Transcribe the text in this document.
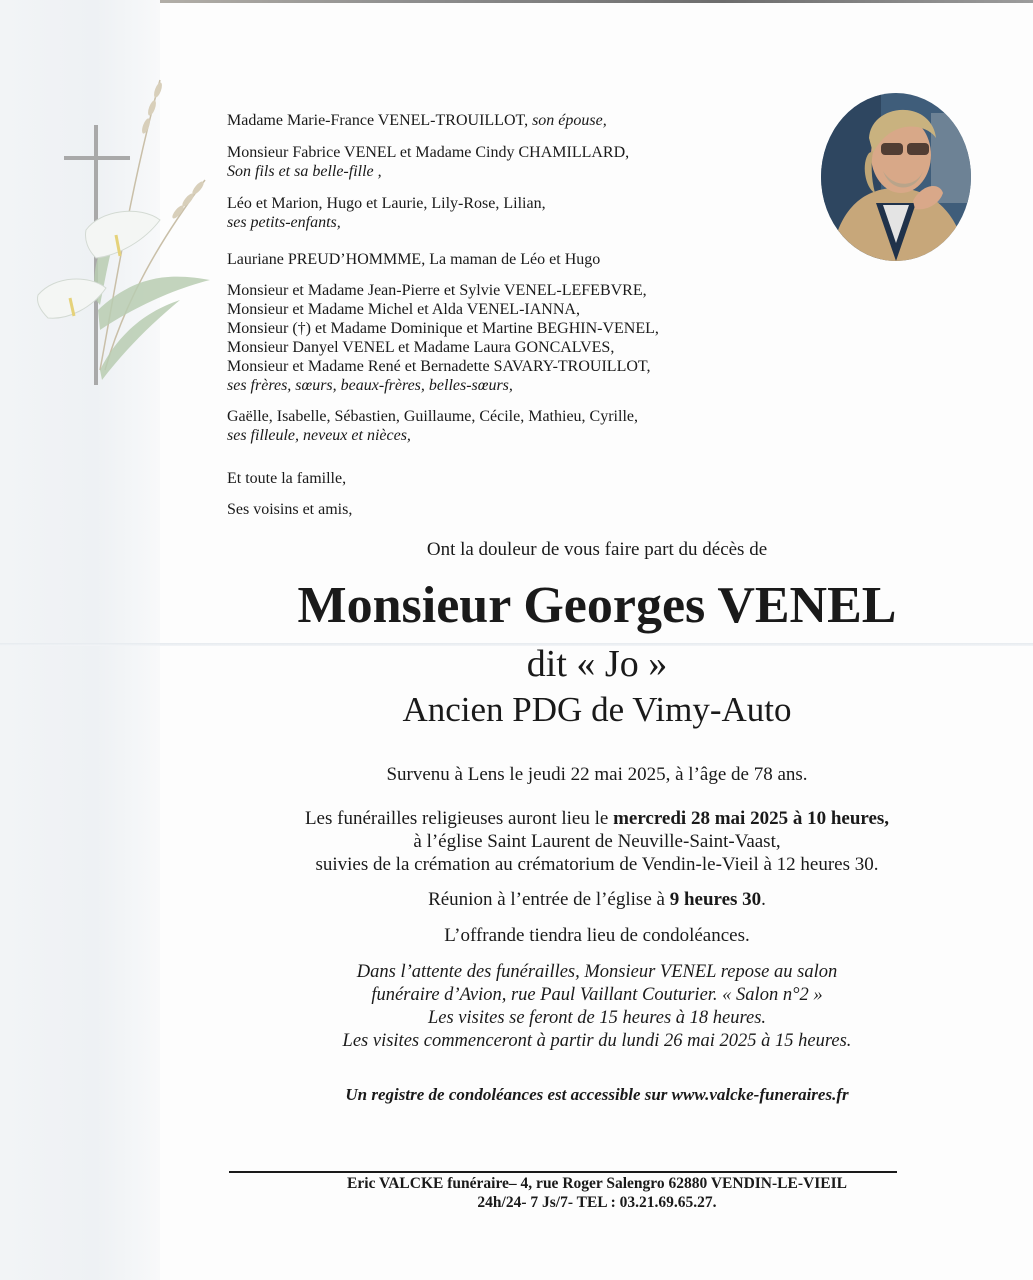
Madame Marie-France VENEL-TROUILLOT, son épouse,
Monsieur Fabrice VENEL et Madame Cindy CHAMILLARD,
Son fils et sa belle-fille ,
Léo et Marion, Hugo et Laurie, Lily-Rose, Lilian,
ses petits-enfants,
Lauriane PREUD’HOMMME, La maman de Léo et Hugo
Monsieur et Madame Jean-Pierre et Sylvie VENEL-LEFEBVRE,
Monsieur et Madame Michel et Alda VENEL-IANNA,
Monsieur (†) et Madame Dominique et Martine BEGHIN-VENEL,
Monsieur Danyel VENEL et Madame Laura GONCALVES,
Monsieur et Madame René et Bernadette SAVARY-TROUILLOT,
ses frères, sœurs, beaux-frères, belles-sœurs,
Gaëlle, Isabelle, Sébastien, Guillaume, Cécile, Mathieu, Cyrille,
ses filleule, neveux et nièces,
Et toute la famille,
Ses voisins et amis,
Ont la douleur de vous faire part du décès de
Monsieur Georges VENEL
dit « Jo »
Ancien PDG de Vimy-Auto
Survenu à Lens le jeudi 22 mai 2025, à l’âge de 78 ans.
Les funérailles religieuses auront lieu le mercredi 28 mai 2025 à 10 heures,
à l’église Saint Laurent de Neuville-Saint-Vaast,
suivies de la crémation au crématorium de Vendin-le-Vieil à 12 heures 30.
Réunion à l’entrée de l’église à 9 heures 30.
L’offrande tiendra lieu de condoléances.
Dans l’attente des funérailles, Monsieur VENEL repose au salon
funéraire d’Avion, rue Paul Vaillant Couturier. « Salon n°2 »
Les visites se feront de 15 heures à 18 heures.
Les visites commenceront à partir du lundi 26 mai 2025 à 15 heures.
Un registre de condoléances est accessible sur www.valcke-funeraires.fr
Eric VALCKE funéraire– 4, rue Roger Salengro 62880 VENDIN-LE-VIEIL
24h/24- 7 Js/7- TEL : 03.21.69.65.27.
